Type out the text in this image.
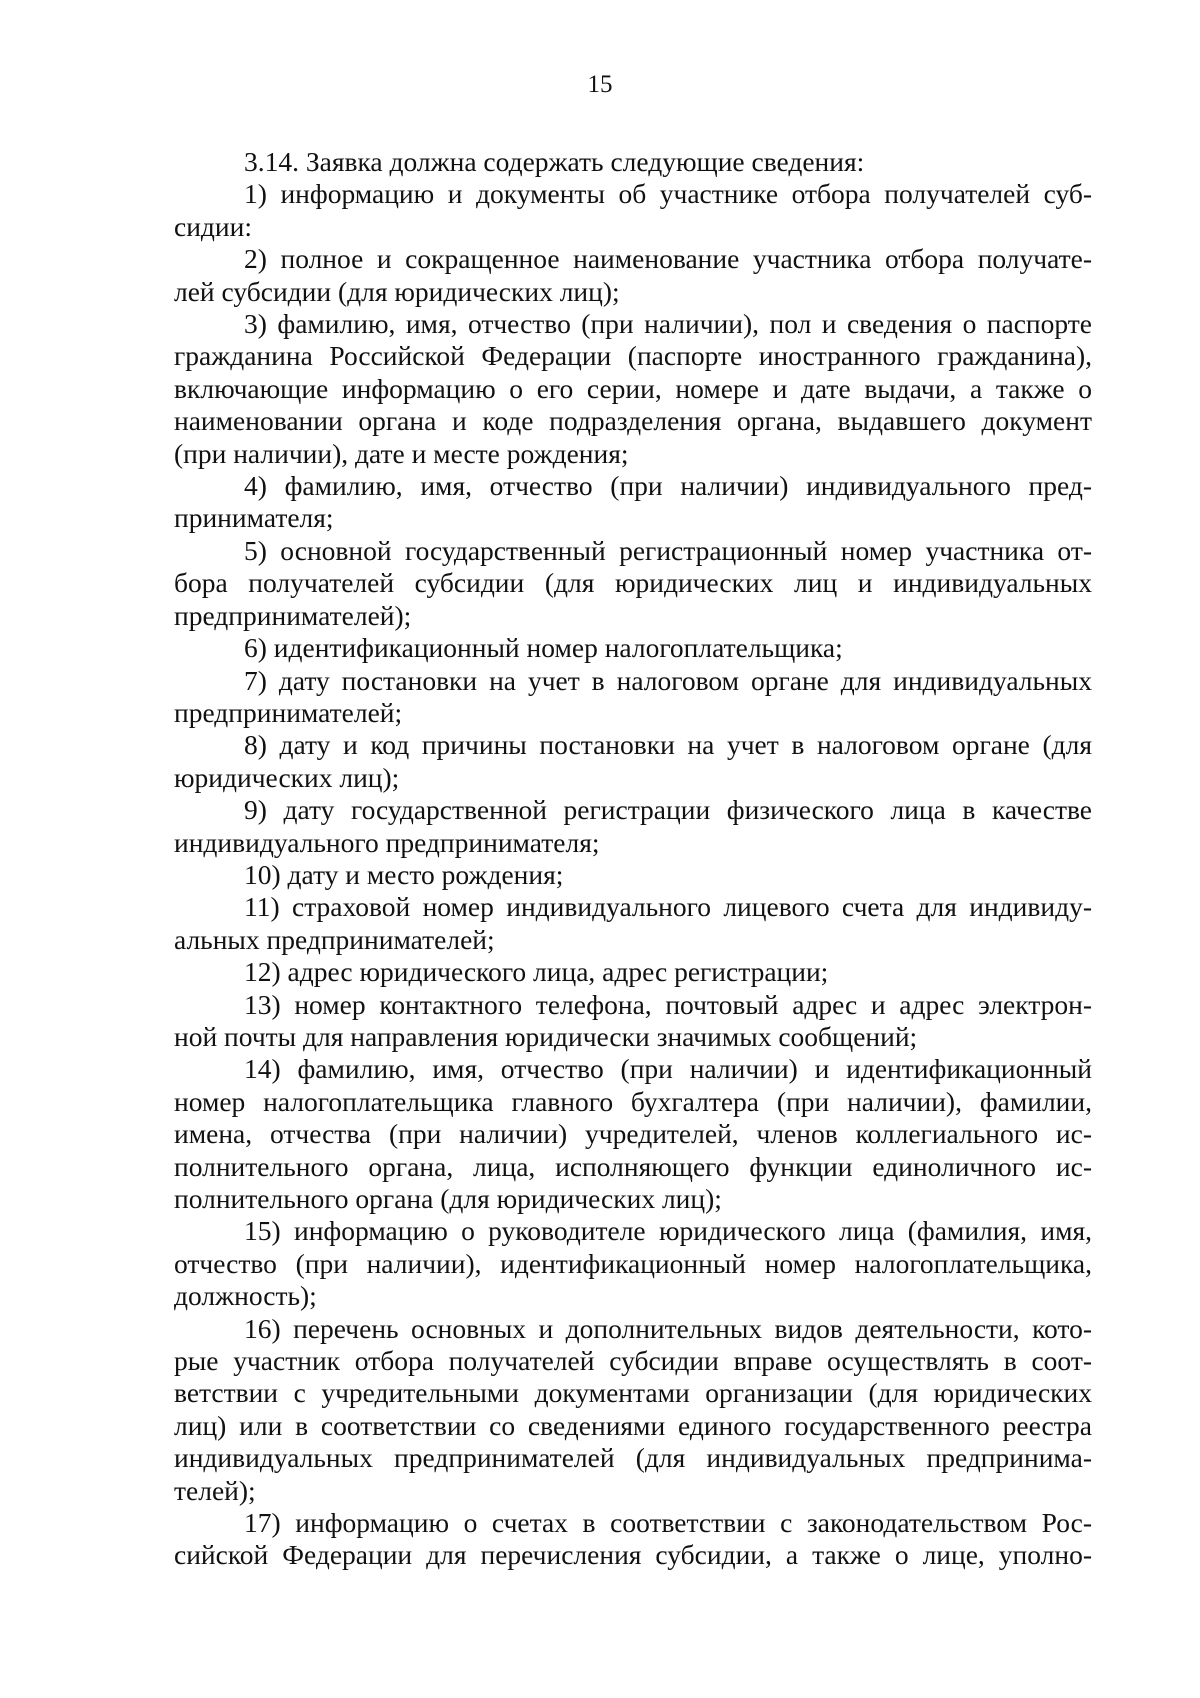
15

3.14. Заявка должна содержать следующие сведения:

1) информацию и документы об участнике отбора получателей суб-
сидии:

2) полное и сокращенное наименование участника отбора получате-
лей субсидии (для юридических лиц);

3) фамилию, имя, отчество (при наличии), пол и сведения о паспорте
гражданина Российской Федерации (паспорте иностранного гражданина),
включающие информацию о его серии, номере и дате выдачи, а также о
наименовании органа и коде подразделения органа, выдавшего документ
(при наличии), дате и месте рождения;

4) фамилию, имя, отчество (при наличии) индивидуального пред-
принимателя;

5) основной государственный регистрационный номер участника от-
бора получателей субсидии (для юридических лиц и индивидуальных
предпринимателей);

6) идентификационный номер налогоплательщика;

7) дату постановки на учет в налоговом органе для индивидуальных
предпринимателей;

8) дату и код причины постановки на учет в налоговом органе (для
юридических лиц);

9) дату государственной регистрации физического лица в качестве
индивидуального предпринимателя;

10) дату и место рождения;

11) страховой номер индивидуального лицевого счета для индивиду-
альных предпринимателей;

12) адрес юридического лица, адрес регистрации;

13) номер контактного телефона, почтовый адрес и адрес электрон-
ной почты для направления юридически значимых сообщений;

14) фамилию, имя, отчество (при наличии) и идентификационный
номер налогоплательщика главного бухгалтера (при наличии), фамилии,
имена, отчества (при наличии) учредителей, членов коллегиального ис-
полнительного органа, лица, исполняющего функции единоличного ис-
полнительного органа (для юридических лиц);

15) информацию о руководителе юридического лица (фамилия, имя,
отчество (при наличии), идентификационный номер налогоплательщика,
должность);

16) перечень основных и дополнительных видов деятельности, кото-
рые участник отбора получателей субсидии вправе осуществлять в соот-
ветствии с учредительными документами организации (для юридических
лиц) или в соответствии со сведениями единого государственного реестра
индивидуальных предпринимателей (для индивидуальных предпринима-
телей);

17) информацию о счетах в соответствии с законодательством Рос-
сийской Федерации для перечисления субсидии, а также о лице, уполно-
